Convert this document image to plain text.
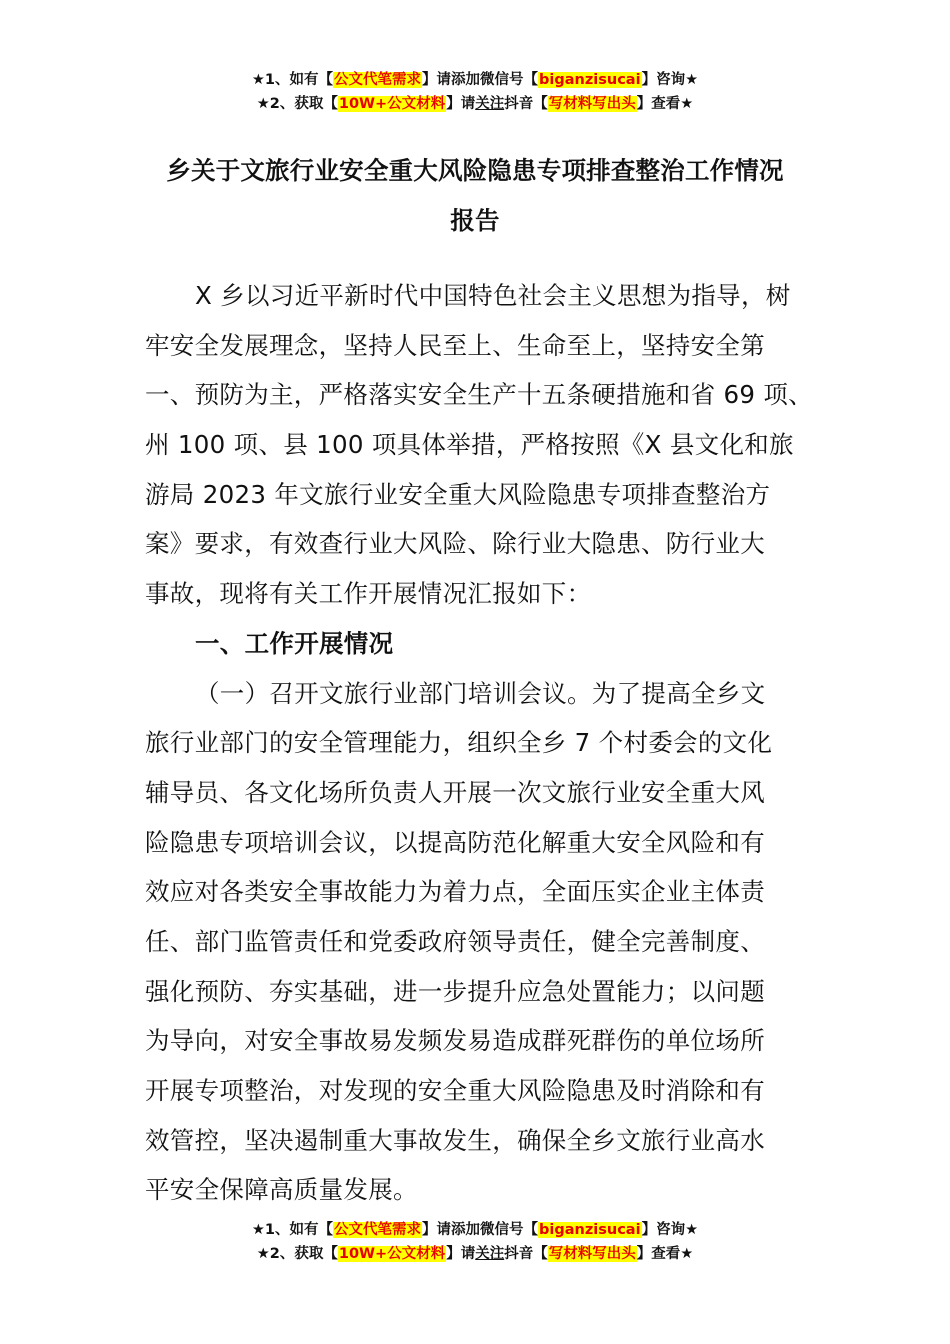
★1、如有【公文代笔需求】请添加微信号【biganzisucai】咨询★
★2、获取【10W+公文材料】请关注抖音【写材料写出头】查看★
乡关于文旅行业安全重大风险隐患专项排查整治工作情况
报告
X 乡以习近平新时代中国特色社会主义思想为指导，树
牢安全发展理念，坚持人民至上、生命至上，坚持安全第
一、预防为主，严格落实安全生产十五条硬措施和省 69 项、
州 100 项、县 100 项具体举措，严格按照《X 县文化和旅
游局 2023 年文旅行业安全重大风险隐患专项排查整治方
案》要求，有效查行业大风险、除行业大隐患、防行业大
事故，现将有关工作开展情况汇报如下：
一、工作开展情况
（一）召开文旅行业部门培训会议。为了提高全乡文
旅行业部门的安全管理能力，组织全乡 7 个村委会的文化
辅导员、各文化场所负责人开展一次文旅行业安全重大风
险隐患专项培训会议，以提高防范化解重大安全风险和有
效应对各类安全事故能力为着力点，全面压实企业主体责
任、部门监管责任和党委政府领导责任，健全完善制度、
强化预防、夯实基础，进一步提升应急处置能力；以问题
为导向，对安全事故易发频发易造成群死群伤的单位场所
开展专项整治，对发现的安全重大风险隐患及时消除和有
效管控，坚决遏制重大事故发生，确保全乡文旅行业高水
平安全保障高质量发展。
★1、如有【公文代笔需求】请添加微信号【biganzisucai】咨询★
★2、获取【10W+公文材料】请关注抖音【写材料写出头】查看★
